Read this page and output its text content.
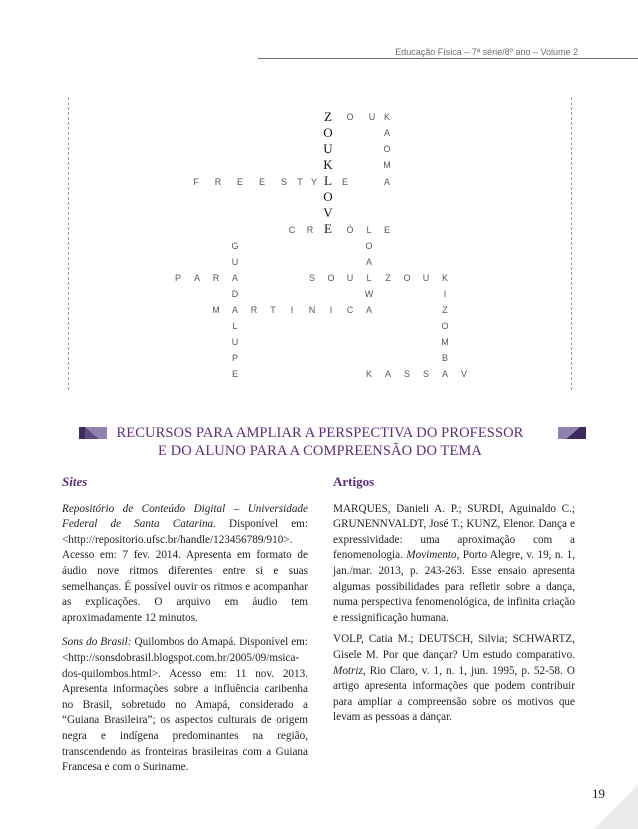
Educação Física – 7ª série/8º ano – Volume 2
Z	O	U K
O	A
U	O
K	M
F	R	E	E	S	T Y L	E	A
O
V
C	R E	Ó	L	E
G	O
U	A
P	A	R	A	S	O	U	L	Z	O	U	K
D	W	I
M	A	R	T	I	N	I	C	A	Z
L	O
U	M
P	B
E	K	A	S	S	A	V
RECURSOS PARA AMPLIAR A PERSPECTIVA DO PROFESSOR
E DO ALUNO PARA A COMPREENSÃO DO TEMA
Sites

Repositório de Conteúdo Digital – Universidade Federal de Santa Catarina. Disponível em: <http://repositorio.ufsc.br/handle/123456789/910>. Acesso em: 7 fev. 2014. Apresenta em formato de áudio nove ritmos diferentes entre si e suas semelhanças. É possível ouvir os ritmos e acompanhar as explicações. O arquivo em áudio tem aproximadamente 12 minutos.

Sons do Brasil: Quilombos do Amapá. Disponível em: <http://sonsdobrasil.blogspot.com.br/2005/09/msica-dos-quilombos.html>. Acesso em: 11 nov. 2013. Apresenta informações sobre a influência caribenha no Brasil, sobretudo no Amapá, considerado a “Guiana Brasileira”; os aspectos culturais de origem negra e indígena predominantes na região, transcendendo as fronteiras brasileiras com a Guiana Francesa e com o Suriname.

Artigos

MARQUES, Danieli A. P.; SURDI, Aguinaldo C.; GRUNENNVALDT, José T.; KUNZ, Elenor. Dança e expressividade: uma aproximação com a fenomenologia. Movimento, Porto Alegre, v. 19, n. 1, jan./mar. 2013, p. 243-263. Esse ensaio apresenta algumas possibilidades para refletir sobre a dança, numa perspectiva fenomenológica, de infinita criação e ressignificação humana.

VOLP, Catia M.; DEUTSCH, Silvia; SCHWARTZ, Gisele M. Por que dançar? Um estudo comparativo. Motriz, Rio Claro, v. 1, n. 1, jun. 1995, p. 52-58. O artigo apresenta informações que podem contribuir para ampliar a compreensão sobre os motivos que levam as pessoas a dançar.

19
